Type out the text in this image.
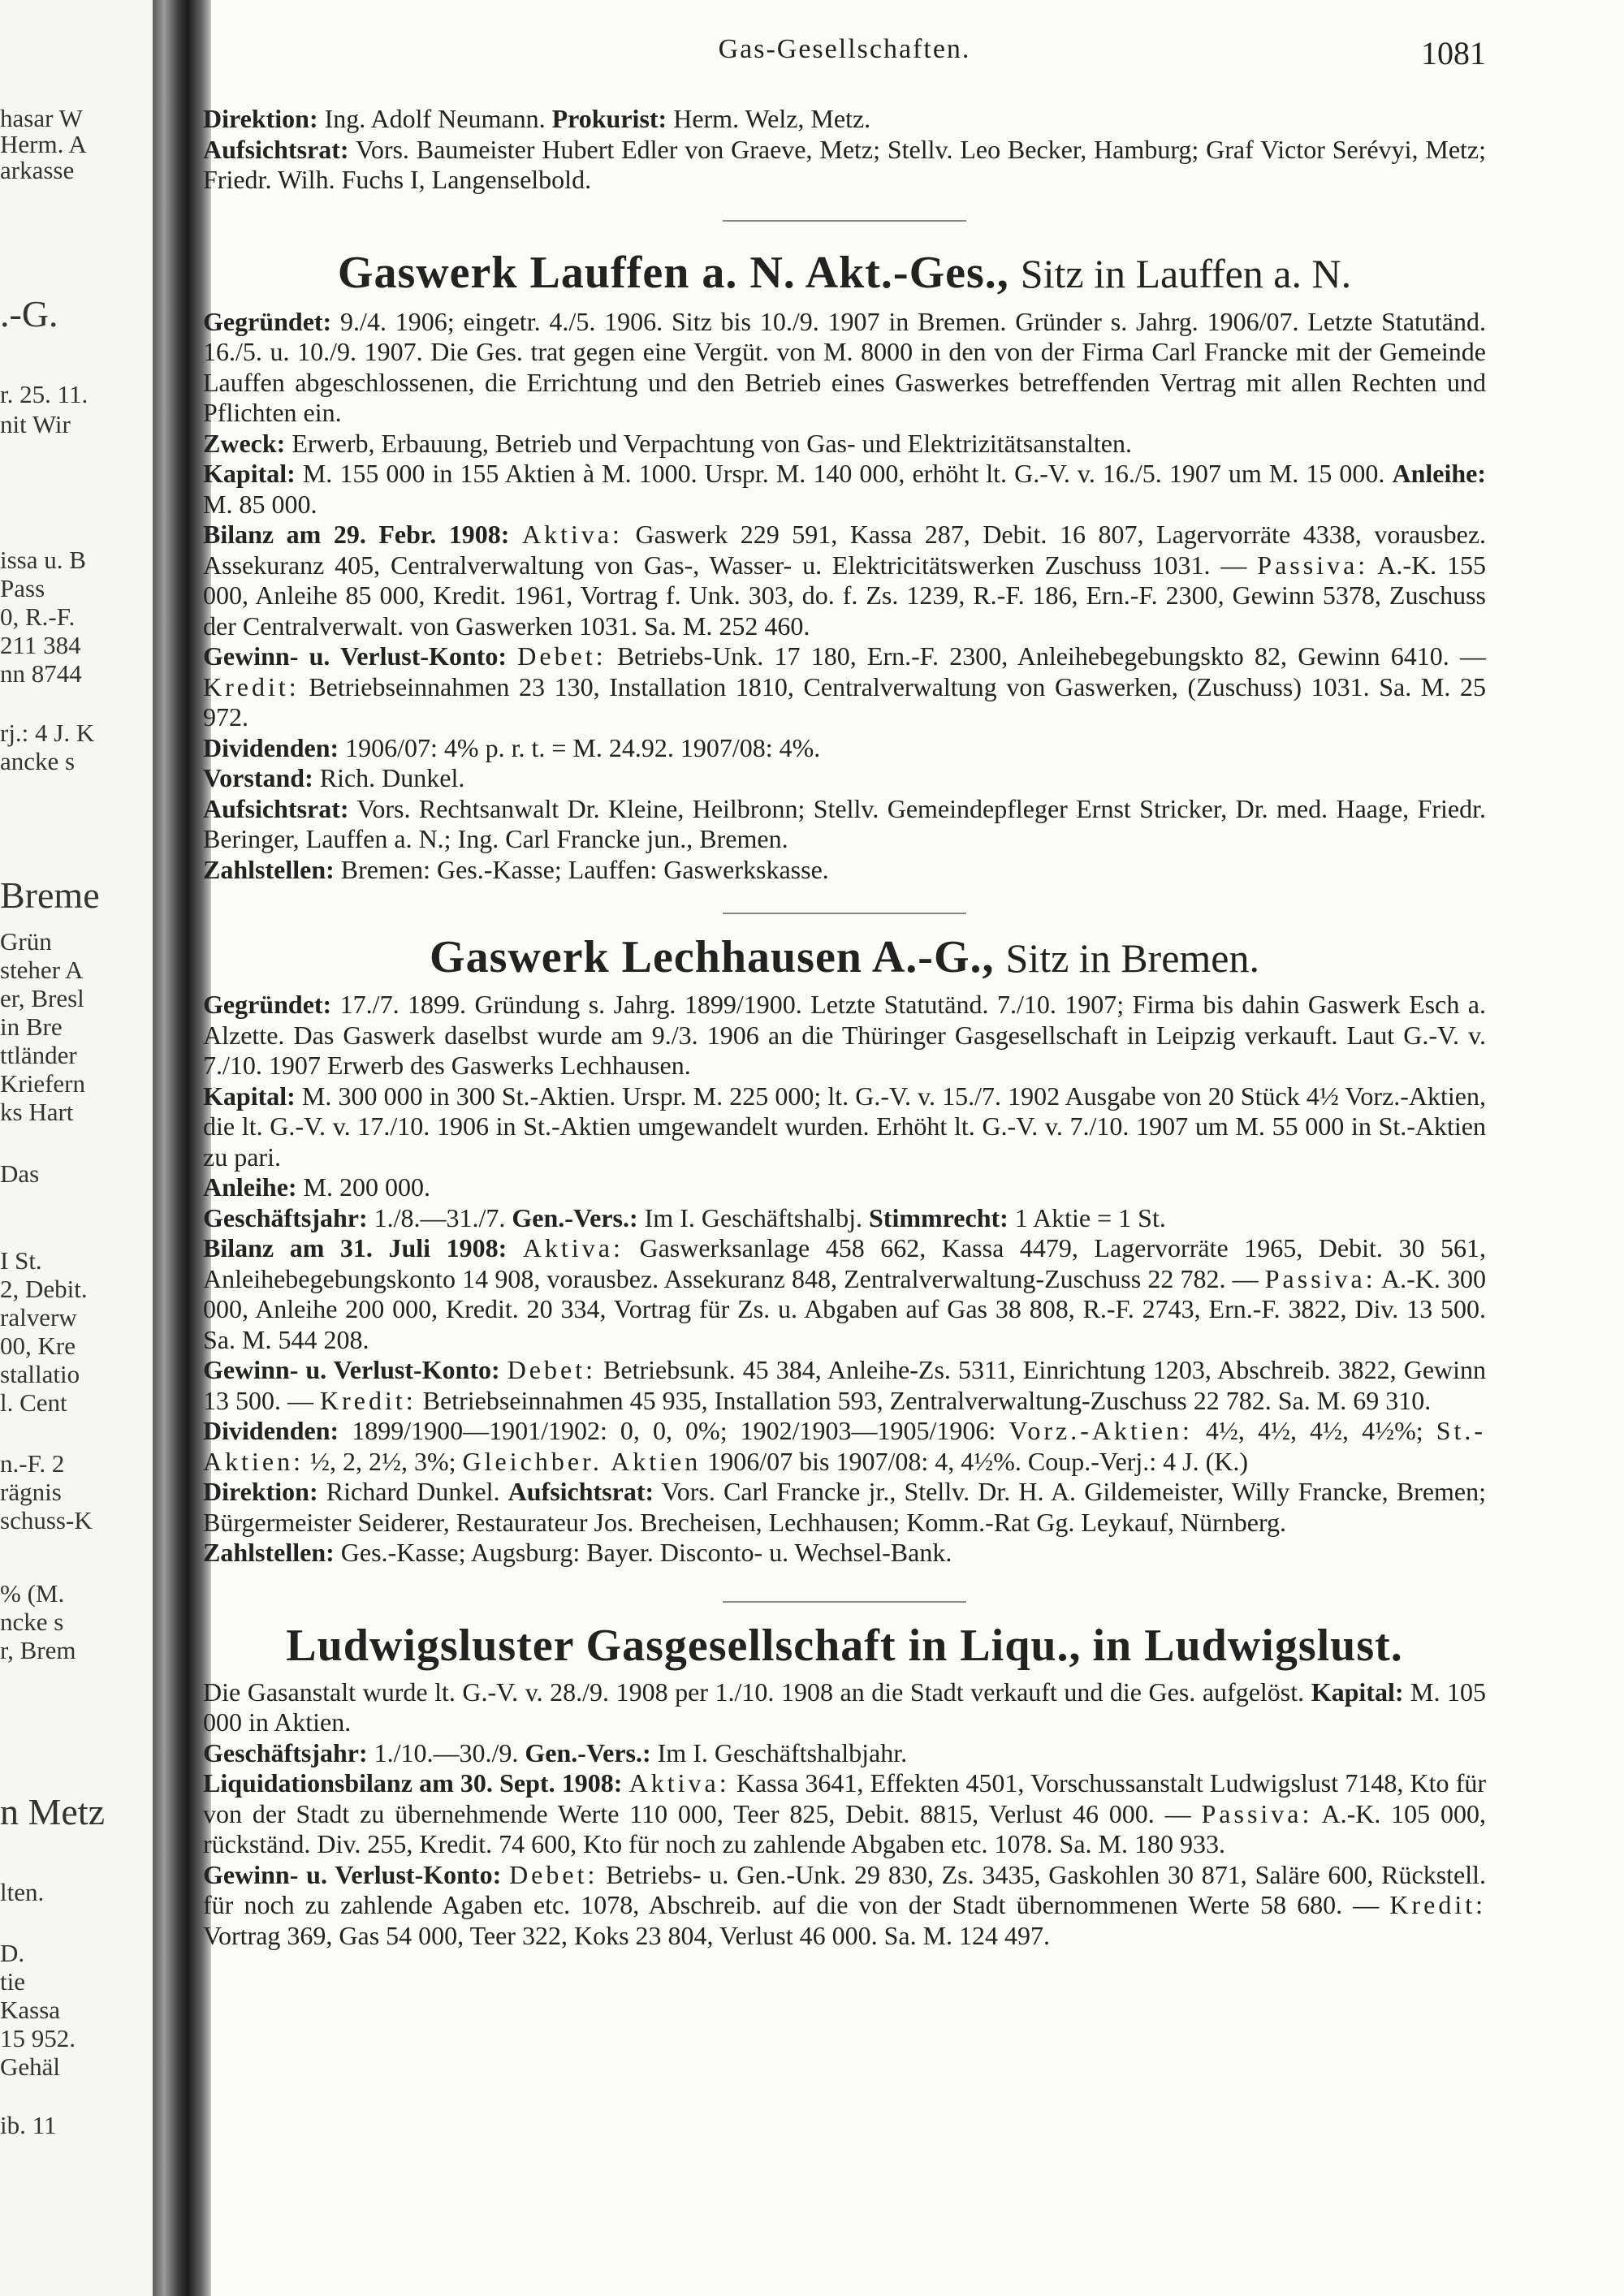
hasar W
Herm. A
arkasse
.-G.
r. 25. 11.
nit Wir
issa u. B
Pass
0, R.-F.
211 384
nn 8744
rj.: 4 J. K
ancke s
Breme
Grün
steher A
er, Bresl
in Bre
ttländer
Kriefern
ks Hart
Das
I St.
2, Debit.
ralverw
00, Kre
stallatio
l. Cent
n.-F. 2
rägnis
schuss-K
% (M.
ncke s
r, Brem
n Metz
lten.
D.
tie
Kassa
15 952.
Gehäl
ib. 11
Gas-Gesellschaften.	1081

Direktion: Ing. Adolf Neumann. Prokurist: Herm. Welz, Metz.

Aufsichtsrat: Vors. Baumeister Hubert Edler von Graeve, Metz; Stellv. Leo Becker, Hamburg; Graf Victor Serévyi, Metz; Friedr. Wilh. Fuchs I, Langenselbold.

Gaswerk Lauffen a. N. Akt.-Ges., Sitz in Lauffen a. N.

Gegründet: 9./4. 1906; eingetr. 4./5. 1906. Sitz bis 10./9. 1907 in Bremen. Gründer s. Jahrg. 1906/07. Letzte Statutänd. 16./5. u. 10./9. 1907. Die Ges. trat gegen eine Vergüt. von M. 8000 in den von der Firma Carl Francke mit der Gemeinde Lauffen abgeschlossenen, die Errichtung und den Betrieb eines Gaswerkes betreffenden Vertrag mit allen Rechten und Pflichten ein.

Zweck: Erwerb, Erbauung, Betrieb und Verpachtung von Gas- und Elektrizitätsanstalten.

Kapital: M. 155 000 in 155 Aktien à M. 1000. Urspr. M. 140 000, erhöht lt. G.-V. v. 16./5. 1907 um M. 15 000. Anleihe: M. 85 000.

Bilanz am 29. Febr. 1908: Aktiva: Gaswerk 229 591, Kassa 287, Debit. 16 807, Lagervorräte 4338, vorausbez. Assekuranz 405, Centralverwaltung von Gas-, Wasser- u. Elektricitätswerken Zuschuss 1031. — Passiva: A.-K. 155 000, Anleihe 85 000, Kredit. 1961, Vortrag f. Unk. 303, do. f. Zs. 1239, R.-F. 186, Ern.-F. 2300, Gewinn 5378, Zuschuss der Centralverwalt. von Gaswerken 1031. Sa. M. 252 460.

Gewinn- u. Verlust-Konto: Debet: Betriebs-Unk. 17 180, Ern.-F. 2300, Anleihebegebungskto 82, Gewinn 6410. — Kredit: Betriebseinnahmen 23 130, Installation 1810, Centralverwaltung von Gaswerken, (Zuschuss) 1031. Sa. M. 25 972.

Dividenden: 1906/07: 4% p. r. t. = M. 24.92. 1907/08: 4%.

Vorstand: Rich. Dunkel.

Aufsichtsrat: Vors. Rechtsanwalt Dr. Kleine, Heilbronn; Stellv. Gemeindepfleger Ernst Stricker, Dr. med. Haage, Friedr. Beringer, Lauffen a. N.; Ing. Carl Francke jun., Bremen.

Zahlstellen: Bremen: Ges.-Kasse; Lauffen: Gaswerkskasse.

Gaswerk Lechhausen A.-G., Sitz in Bremen.

Gegründet: 17./7. 1899. Gründung s. Jahrg. 1899/1900. Letzte Statutänd. 7./10. 1907; Firma bis dahin Gaswerk Esch a. Alzette. Das Gaswerk daselbst wurde am 9./3. 1906 an die Thüringer Gasgesellschaft in Leipzig verkauft. Laut G.-V. v. 7./10. 1907 Erwerb des Gaswerks Lechhausen.

Kapital: M. 300 000 in 300 St.-Aktien. Urspr. M. 225 000; lt. G.-V. v. 15./7. 1902 Ausgabe von 20 Stück 4½ Vorz.-Aktien, die lt. G.-V. v. 17./10. 1906 in St.-Aktien umgewandelt wurden. Erhöht lt. G.-V. v. 7./10. 1907 um M. 55 000 in St.-Aktien zu pari.

Anleihe: M. 200 000.

Geschäftsjahr: 1./8.—31./7. Gen.-Vers.: Im I. Geschäftshalbj. Stimmrecht: 1 Aktie = 1 St.

Bilanz am 31. Juli 1908: Aktiva: Gaswerksanlage 458 662, Kassa 4479, Lagervorräte 1965, Debit. 30 561, Anleihebegebungskonto 14 908, vorausbez. Assekuranz 848, Zentralverwaltung-Zuschuss 22 782. — Passiva: A.-K. 300 000, Anleihe 200 000, Kredit. 20 334, Vortrag für Zs. u. Abgaben auf Gas 38 808, R.-F. 2743, Ern.-F. 3822, Div. 13 500. Sa. M. 544 208.

Gewinn- u. Verlust-Konto: Debet: Betriebsunk. 45 384, Anleihe-Zs. 5311, Einrichtung 1203, Abschreib. 3822, Gewinn 13 500. — Kredit: Betriebseinnahmen 45 935, Installation 593, Zentralverwaltung-Zuschuss 22 782. Sa. M. 69 310.

Dividenden: 1899/1900—1901/1902: 0, 0, 0%; 1902/1903—1905/1906: Vorz.-Aktien: 4½, 4½, 4½, 4½%; St.-Aktien: ½, 2, 2½, 3%; Gleichber. Aktien 1906/07 bis 1907/08: 4, 4½%. Coup.-Verj.: 4 J. (K.)

Direktion: Richard Dunkel. Aufsichtsrat: Vors. Carl Francke jr., Stellv. Dr. H. A. Gildemeister, Willy Francke, Bremen; Bürgermeister Seiderer, Restaurateur Jos. Brecheisen, Lechhausen; Komm.-Rat Gg. Leykauf, Nürnberg.

Zahlstellen: Ges.-Kasse; Augsburg: Bayer. Disconto- u. Wechsel-Bank.

Ludwigsluster Gasgesellschaft in Liqu., in Ludwigslust.

Die Gasanstalt wurde lt. G.-V. v. 28./9. 1908 per 1./10. 1908 an die Stadt verkauft und die Ges. aufgelöst. Kapital: M. 105 000 in Aktien.

Geschäftsjahr: 1./10.—30./9. Gen.-Vers.: Im I. Geschäftshalbjahr.

Liquidationsbilanz am 30. Sept. 1908: Aktiva: Kassa 3641, Effekten 4501, Vorschussanstalt Ludwigslust 7148, Kto für von der Stadt zu übernehmende Werte 110 000, Teer 825, Debit. 8815, Verlust 46 000. — Passiva: A.-K. 105 000, rückständ. Div. 255, Kredit. 74 600, Kto für noch zu zahlende Abgaben etc. 1078. Sa. M. 180 933.

Gewinn- u. Verlust-Konto: Debet: Betriebs- u. Gen.-Unk. 29 830, Zs. 3435, Gaskohlen 30 871, Saläre 600, Rückstell. für noch zu zahlende Agaben etc. 1078, Abschreib. auf die von der Stadt übernommenen Werte 58 680. — Kredit: Vortrag 369, Gas 54 000, Teer 322, Koks 23 804, Verlust 46 000. Sa. M. 124 497.
